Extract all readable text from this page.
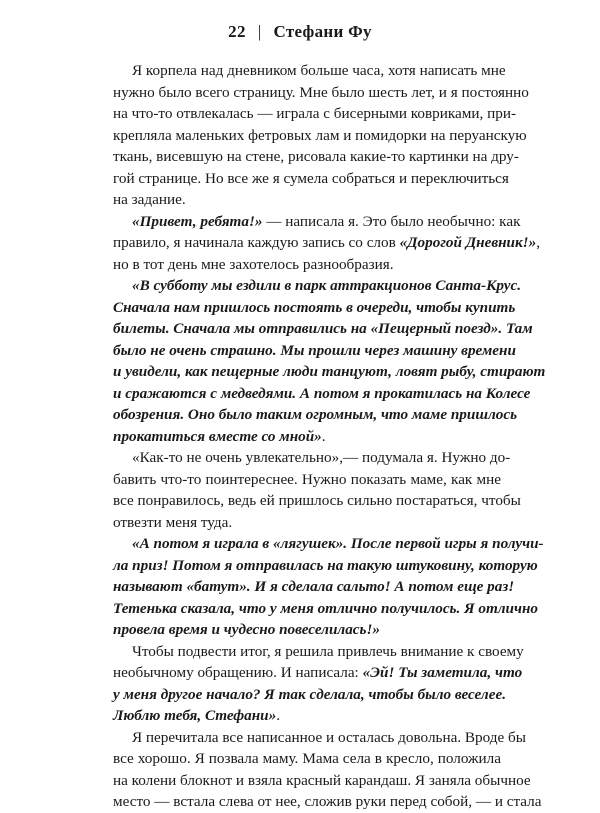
22 | Стефани Фу

Я корпела над дневником больше часа, хотя написать мне
нужно было всего страницу. Мне было шесть лет, и я постоянно
на что-то отвлекалась — играла с бисерными ковриками, при-
крепляла маленьких фетровых лам и помидорки на перуанскую
ткань, висевшую на стене, рисовала какие-то картинки на дру-
гой странице. Но все же я сумела собраться и переключиться
на задание.

«Привет, ребята!» — написала я. Это было необычно: как
правило, я начинала каждую запись со слов «Дорогой Дневник!»,
но в тот день мне захотелось разнообразия.

«В субботу мы ездили в парк аттракционов Санта-Крус.
Сначала нам пришлось постоять в очереди, чтобы купить
билеты. Сначала мы отправились на «Пещерный поезд». Там
было не очень страшно. Мы прошли через машину времени
и увидели, как пещерные люди танцуют, ловят рыбу, стирают
и сражаются с медведями. А потом я прокатилась на Колесе
обозрения. Оно было таким огромным, что маме пришлось
прокатиться вместе со мной».

«Как-то не очень увлекательно»,— подумала я. Нужно до-
бавить что-то поинтереснее. Нужно показать маме, как мне
все понравилось, ведь ей пришлось сильно постараться, чтобы
отвезти меня туда.

«А потом я играла в «лягушек». После первой игры я получи-
ла приз! Потом я отправилась на такую штуковину, которую
называют «батут». И я сделала сальто! А потом еще раз!
Тетенька сказала, что у меня отлично получилось. Я отлично
провела время и чудесно повеселилась!»

Чтобы подвести итог, я решила привлечь внимание к своему
необычному обращению. И написала: «Эй! Ты заметила, что
у меня другое начало? Я так сделала, чтобы было веселее.
Люблю тебя, Стефани».

Я перечитала все написанное и осталась довольна. Вроде бы
все хорошо. Я позвала маму. Мама села в кресло, положила
на колени блокнот и взяла красный карандаш. Я заняла обычное
место — встала слева от нее, сложив руки перед собой, — и стала
